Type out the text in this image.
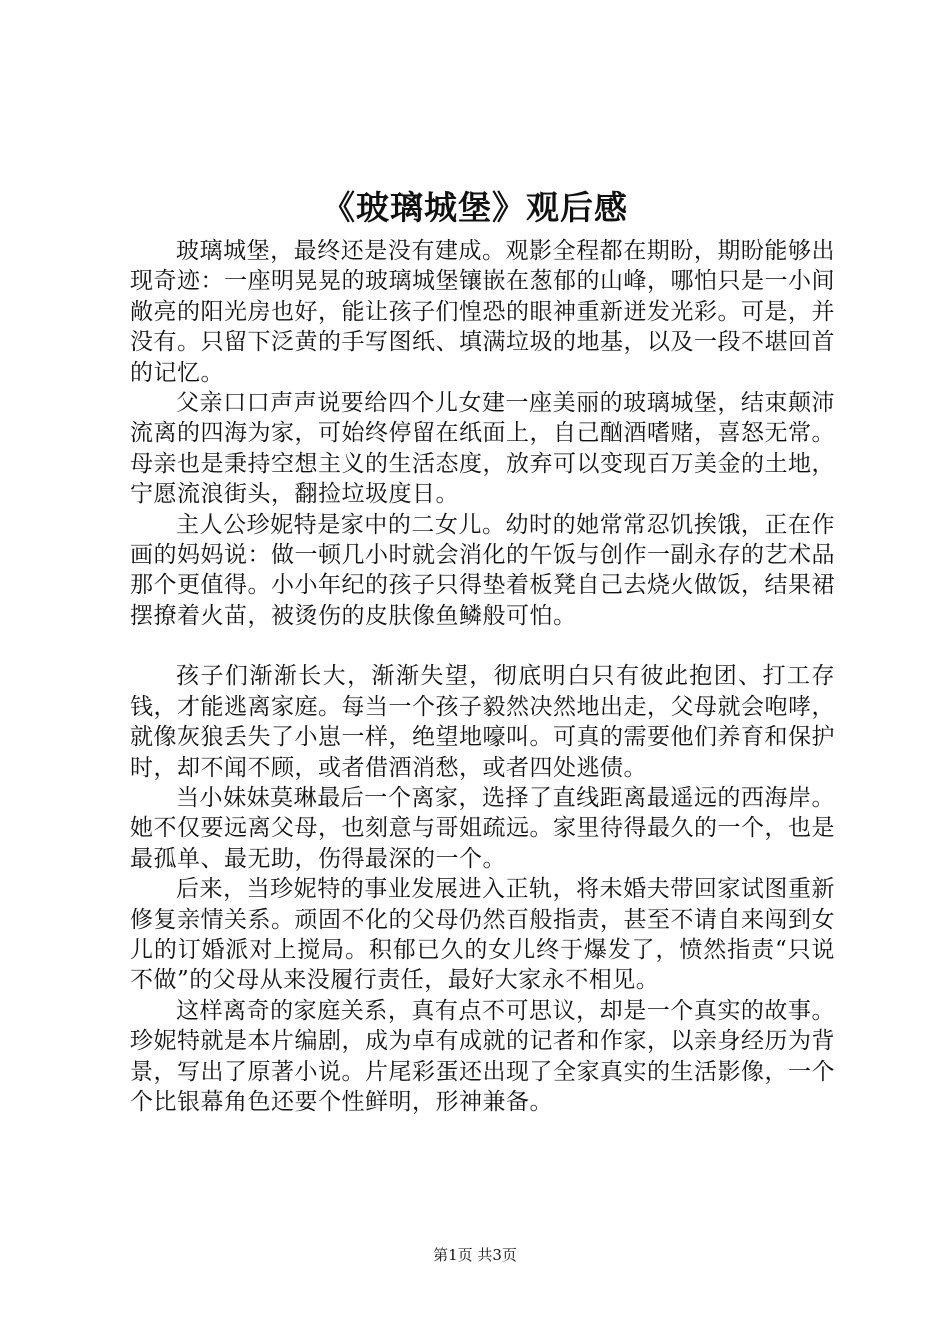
《玻璃城堡》观后感

玻璃城堡，最终还是没有建成。观影全程都在期盼，期盼能够出现奇迹：一座明晃晃的玻璃城堡镶嵌在葱郁的山峰，哪怕只是一小间敞亮的阳光房也好，能让孩子们惶恐的眼神重新迸发光彩。可是，并没有。只留下泛黄的手写图纸、填满垃圾的地基，以及一段不堪回首的记忆。

父亲口口声声说要给四个儿女建一座美丽的玻璃城堡，结束颠沛流离的四海为家，可始终停留在纸面上，自己酗酒嗜赌，喜怒无常。母亲也是秉持空想主义的生活态度，放弃可以变现百万美金的土地，宁愿流浪街头，翻捡垃圾度日。

主人公珍妮特是家中的二女儿。幼时的她常常忍饥挨饿，正在作画的妈妈说：做一顿几小时就会消化的午饭与创作一副永存的艺术品那个更值得。小小年纪的孩子只得垫着板凳自己去烧火做饭，结果裙摆撩着火苗，被烫伤的皮肤像鱼鳞般可怕。

孩子们渐渐长大，渐渐失望，彻底明白只有彼此抱团、打工存钱，才能逃离家庭。每当一个孩子毅然决然地出走，父母就会咆哮，就像灰狼丢失了小崽一样，绝望地嚎叫。可真的需要他们养育和保护时，却不闻不顾，或者借酒消愁，或者四处逃债。

当小妹妹莫琳最后一个离家，选择了直线距离最遥远的西海岸。她不仅要远离父母，也刻意与哥姐疏远。家里待得最久的一个，也是最孤单、最无助，伤得最深的一个。

后来，当珍妮特的事业发展进入正轨，将未婚夫带回家试图重新修复亲情关系。顽固不化的父母仍然百般指责，甚至不请自来闯到女儿的订婚派对上搅局。积郁已久的女儿终于爆发了，愤然指责“只说不做”的父母从来没履行责任，最好大家永不相见。

这样离奇的家庭关系，真有点不可思议，却是一个真实的故事。珍妮特就是本片编剧，成为卓有成就的记者和作家，以亲身经历为背景，写出了原著小说。片尾彩蛋还出现了全家真实的生活影像，一个个比银幕角色还要个性鲜明，形神兼备。

第1页 共3页
